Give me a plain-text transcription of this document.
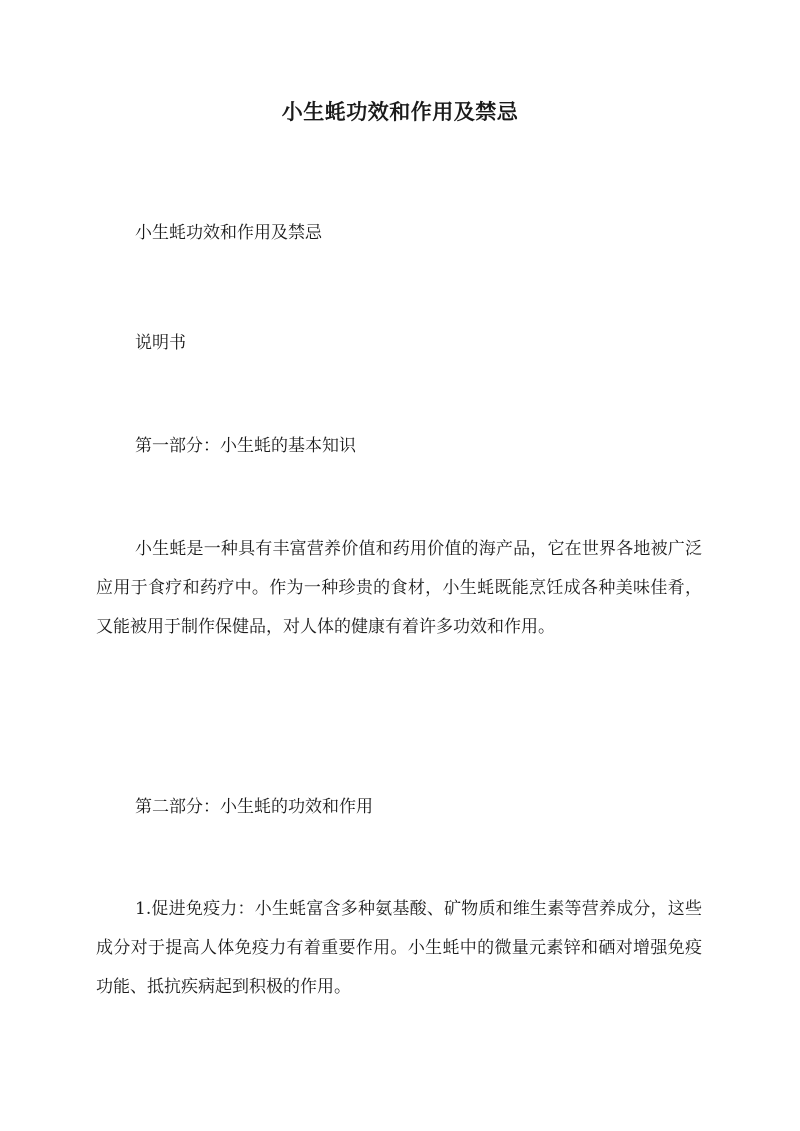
小生蚝功效和作用及禁忌
小生蚝功效和作用及禁忌
说明书
第一部分：小生蚝的基本知识

小生蚝是一种具有丰富营养价值和药用价值的海产品，它在世界各地被广泛应用于食疗和药疗中。作为一种珍贵的食材，小生蚝既能烹饪成各种美味佳肴，又能被用于制作保健品，对人体的健康有着许多功效和作用。

第二部分：小生蚝的功效和作用

1.促进免疫力：小生蚝富含多种氨基酸、矿物质和维生素等营养成分，这些成分对于提高人体免疫力有着重要作用。小生蚝中的微量元素锌和硒对增强免疫功能、抵抗疾病起到积极的作用。
